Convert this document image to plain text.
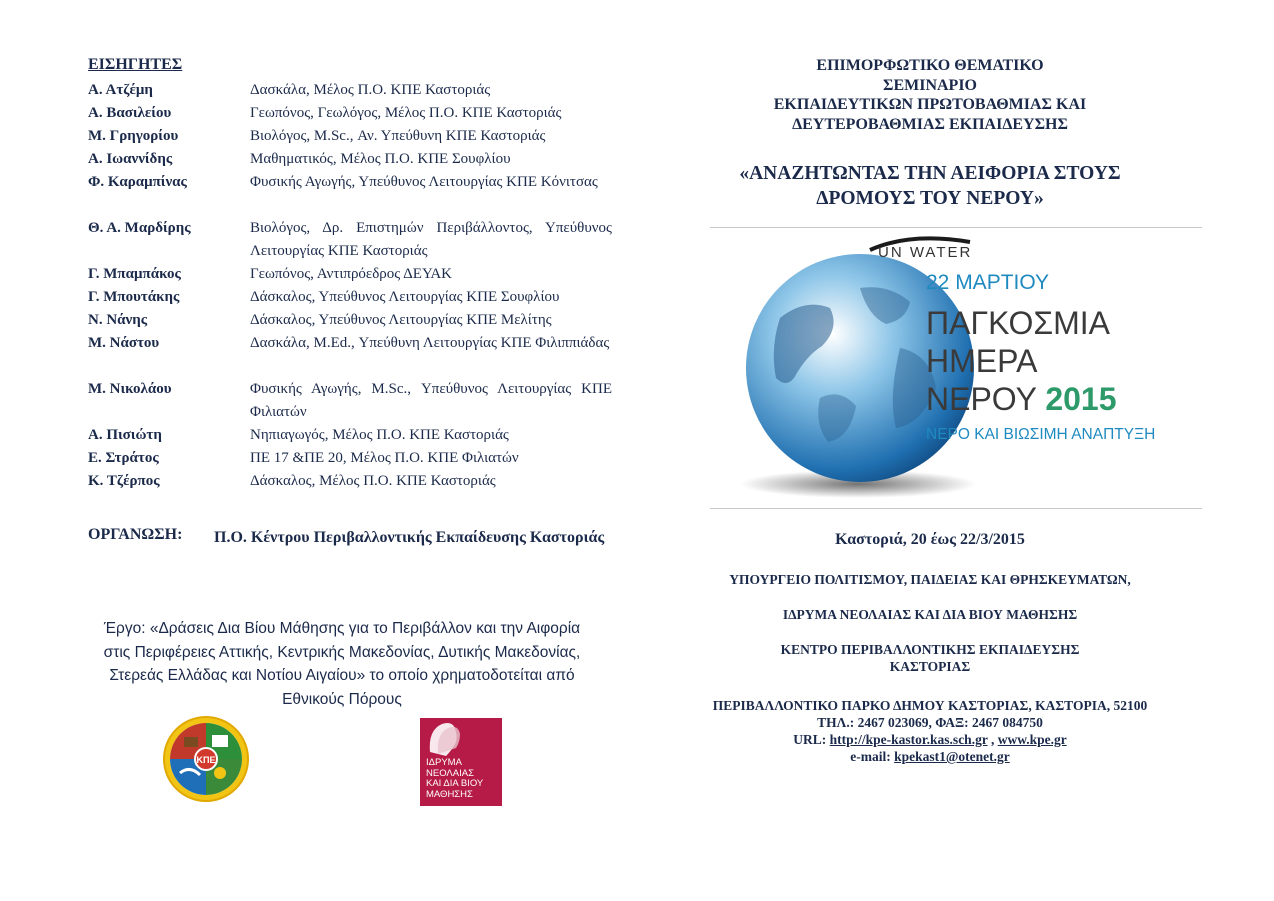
ΕΙΣΗΓΗΤΕΣ
Α. Ατζέμη	Δασκάλα, Μέλος Π.Ο. ΚΠΕ Καστοριάς
Α. Βασιλείου	Γεωπόνος, Γεωλόγος, Μέλος Π.Ο. ΚΠΕ Καστοριάς
Μ. Γρηγορίου	Βιολόγος, M.Sc., Αν. Υπεύθυνη ΚΠΕ Καστοριάς
Α. Ιωαννίδης	Μαθηματικός, Μέλος Π.Ο. ΚΠΕ Σουφλίου
Φ. Καραμπίνας	Φυσικής Αγωγής, Υπεύθυνος Λειτουργίας ΚΠΕ Κόνιτσας
Θ. Α. Μαρδίρης	Βιολόγος, Δρ. Επιστημών Περιβάλλοντος, Υπεύθυνος Λειτουργίας ΚΠΕ Καστοριάς
Γ. Μπαμπάκος	Γεωπόνος, Αντιπρόεδρος ΔΕΥΑΚ
Γ. Μπουτάκης	Δάσκαλος, Υπεύθυνος Λειτουργίας ΚΠΕ Σουφλίου
Ν. Νάνης	Δάσκαλος, Υπεύθυνος Λειτουργίας ΚΠΕ Μελίτης
Μ. Νάστου	Δασκάλα, M.Ed., Υπεύθυνη Λειτουργίας ΚΠΕ Φιλιππιάδας
Μ. Νικολάου	Φυσικής Αγωγής, M.Sc., Υπεύθυνος Λειτουργίας ΚΠΕ Φιλιατών
Α. Πισιώτη	Νηπιαγωγός, Μέλος Π.Ο. ΚΠΕ Καστοριάς
Ε. Στράτος	ΠΕ 17 &ΠΕ 20, Μέλος Π.Ο. ΚΠΕ Φιλιατών
Κ. Τζέρπος	Δάσκαλος, Μέλος Π.Ο. ΚΠΕ Καστοριάς
ΟΡΓΑΝΩΣΗ: Π.Ο. Κέντρου Περιβαλλοντικής Εκπαίδευσης Καστοριάς
Έργο: «Δράσεις Δια Βίου Μάθησης για το Περιβάλλον και την Αιφορία στις Περιφέρειες Αττικής, Κεντρικής Μακεδονίας, Δυτικής Μακεδονίας, Στερεάς Ελλάδας και Νοτίου Αιγαίου» το οποίο χρηματοδοτείται από Εθνικούς Πόρους
ΚΠΕ	ΙΔΡΥΜΑ
ΝΕΟΛΑΙΑΣ
ΚΑΙ ΔΙΑ ΒΙΟΥ
ΜΑΘΗΣΗΣ
ΕΠΙΜΟΡΦΩΤΙΚΟ ΘΕΜΑΤΙΚΟ
ΣΕΜΙΝΑΡΙΟ
ΕΚΠΑΙΔΕΥΤΙΚΩΝ ΠΡΩΤΟΒΑΘΜΙΑΣ ΚΑΙ
ΔΕΥΤΕΡΟΒΑΘΜΙΑΣ ΕΚΠΑΙΔΕΥΣΗΣ
«ΑΝΑΖΗΤΩΝΤΑΣ ΤΗΝ ΑΕΙΦΟΡΙΑ ΣΤΟΥΣ
ΔΡΟΜΟΥΣ ΤΟΥ ΝΕΡΟΥ»
UN WATER
22 ΜΑΡΤΙΟΥ
ΠΑΓΚΟΣΜΙΑ
ΗΜΕΡΑ
ΝΕΡΟΥ 2015
ΝΕΡΟ ΚΑΙ ΒΙΩΣΙΜΗ ΑΝΑΠΤΥΞΗ
Καστοριά, 20 έως 22/3/2015
ΥΠΟΥΡΓΕΙΟ ΠΟΛΙΤΙΣΜΟΥ, ΠΑΙΔΕΙΑΣ ΚΑΙ ΘΡΗΣΚΕΥΜΑΤΩΝ,
ΙΔΡΥΜΑ ΝΕΟΛΑΙΑΣ ΚΑΙ ΔΙΑ ΒΙΟΥ ΜΑΘΗΣΗΣ
ΚΕΝΤΡΟ ΠΕΡΙΒΑΛΛΟΝΤΙΚΗΣ ΕΚΠΑΙΔΕΥΣΗΣ
ΚΑΣΤΟΡΙΑΣ
ΠΕΡΙΒΑΛΛΟΝΤΙΚΟ ΠΑΡΚΟ ΔΗΜΟΥ ΚΑΣΤΟΡΙΑΣ, ΚΑΣΤΟΡΙΑ, 52100
ΤΗΛ.: 2467 023069, ΦΑΞ: 2467 084750
URL: http://kpe-kastor.kas.sch.gr , www.kpe.gr
e-mail: kpekast1@otenet.gr
